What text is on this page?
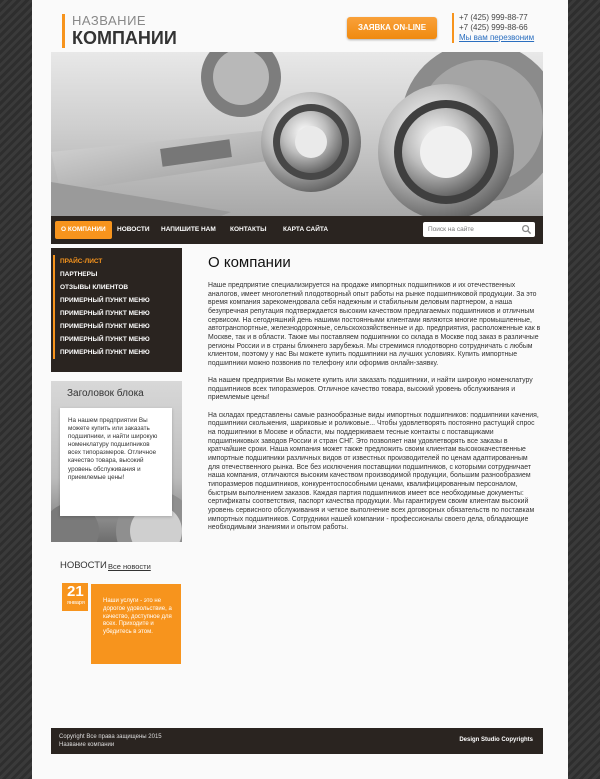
НАЗВАНИЕ
КОМПАНИИ
ЗАЯВКА ON-LINE
+7 (425) 999-88-77
+7 (425) 999-88-66
Мы вам перезвоним
О КОМПАНИИ	НОВОСТИ	НАПИШИТЕ НАМ	КОНТАКТЫ	КАРТА САЙТА
Поиск на сайте
ПРАЙС-ЛИСТ
ПАРТНЕРЫ
ОТЗЫВЫ КЛИЕНТОВ
ПРИМЕРНЫЙ ПУНКТ МЕНЮ
ПРИМЕРНЫЙ ПУНКТ МЕНЮ
ПРИМЕРНЫЙ ПУНКТ МЕНЮ
ПРИМЕРНЫЙ ПУНКТ МЕНЮ
ПРИМЕРНЫЙ ПУНКТ МЕНЮ
Заголовок блока
На нашем предприятии Вы можете купить или заказать подшипники, и найти широкую номенклатуру подшипников всех типоразмеров. Отличное качество товара, высокий уровень обслуживания и приемлемые цены!
НОВОСТИ Все новости
Наши услуги - это не дорогое удовольствие, а качество, доступное для всех. Приходите и убедитесь в этом.
21
января
О компании

Наше предприятие специализируется на продаже импортных подшипников и их отечественных аналогов, имеет многолетний плодотворный опыт работы на рынке подшипниковой продукции. За это время компания зарекомендовала себя надежным и стабильным деловым партнером, а наша безупречная репутация подтверждается высоким качеством предлагаемых подшипников и отличным сервисом. На сегодняшний день нашими постоянными клиентами являются многие промышленные, автотранспортные, железнодорожные, сельскохозяйственные и др. предприятия, расположенные как в Москве, так и в области. Также мы поставляем подшипники со склада в Москве под заказ в различные регионы России и в страны ближнего зарубежья. Мы стремимся плодотворно сотрудничать с любым клиентом, поэтому у нас Вы можете купить подшипники на лучших условиях. Купить импортные подшипники можно позвонив по телефону или оформив онлайн-заявку.

На нашем предприятии Вы можете купить или заказать подшипники, и найти широкую номенклатуру подшипников всех типоразмеров. Отличное качество товара, высокий уровень обслуживания и приемлемые цены!

На складах представлены самые разнообразные виды импортных подшипников: подшипники качения, подшипники скольжения, шариковые и роликовые... Чтобы удовлетворять постоянно растущий спрос на подшипники в Москве и области, мы поддерживаем тесные контакты с поставщиками подшипниковых заводов России и стран СНГ. Это позволяет нам удовлетворять все заказы в кратчайшие сроки. Наша компания может также предложить своим клиентам высококачественные импортные подшипники различных видов от известных производителей по ценам адаптированным для отечественного рынка. Все без исключения поставщики подшипников, с которыми сотрудничает наша компания, отличаются высоким качеством производимой продукции, большим разнообразием типоразмеров подшипников, конкурентоспособными ценами, квалифицированным персоналом, быстрым выполнением заказов. Каждая партия подшипников имеет все необходимые документы: сертификаты соответствия, паспорт качества продукции. Мы гарантируем своим клиентам высокий уровень сервисного обслуживания и четкое выполнение всех договорных обязательств по поставкам импортных подшипников. Сотрудники нашей компании - профессионалы своего дела, обладающие необходимыми знаниями и опытом работы.

Copyright Все права защищены 2015
Название компании
Design Studio Copyrights
